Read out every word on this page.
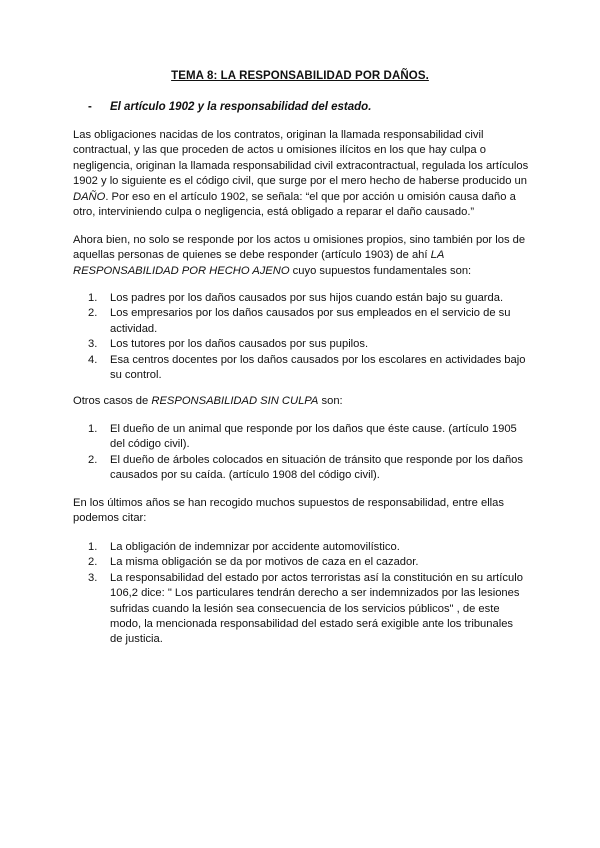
TEMA 8: LA RESPONSABILIDAD POR DAÑOS.
- El artículo 1902 y la responsabilidad del estado.
Las obligaciones nacidas de los contratos, originan la llamada responsabilidad civil contractual, y las que proceden de actos u omisiones ilícitos en los que hay culpa o negligencia, originan la llamada responsabilidad civil extracontractual, regulada los artículos 1902 y lo siguiente es el código civil, que surge por el mero hecho de haberse producido un DAÑO. Por eso en el artículo 1902, se señala: “el que por acción u omisión causa daño a otro, interviniendo culpa o negligencia, está obligado a reparar el daño causado.”
Ahora bien, no solo se responde por los actos u omisiones propios, sino también por los de aquellas personas de quienes se debe responder (artículo 1903) de ahí LA RESPONSABILIDAD POR HECHO AJENO cuyo supuestos fundamentales son:
1. Los padres por los daños causados por sus hijos cuando están bajo su guarda.
2. Los empresarios por los daños causados por sus empleados en el servicio de su actividad.
3. Los tutores por los daños causados por sus pupilos.
4. Esa centros docentes por los daños causados por los escolares en actividades bajo su control.
Otros casos de RESPONSABILIDAD SIN CULPA son:
1. El dueño de un animal que responde por los daños que éste cause. (artículo 1905 del código civil).
2. El dueño de árboles colocados en situación de tránsito que responde por los daños causados por su caída. (artículo 1908 del código civil).
En los últimos años se han recogido muchos supuestos de responsabilidad, entre ellas podemos citar:
1. La obligación de indemnizar por accidente automovilístico.
2. La misma obligación se da por motivos de caza en el cazador.
3. La responsabilidad del estado por actos terroristas así la constitución en su artículo 106,2 dice: " Los particulares tendrán derecho a ser indemnizados por las lesiones sufridas cuando la lesión sea consecuencia de los servicios públicos" , de este modo, la mencionada responsabilidad del estado será exigible ante los tribunales de justicia.
